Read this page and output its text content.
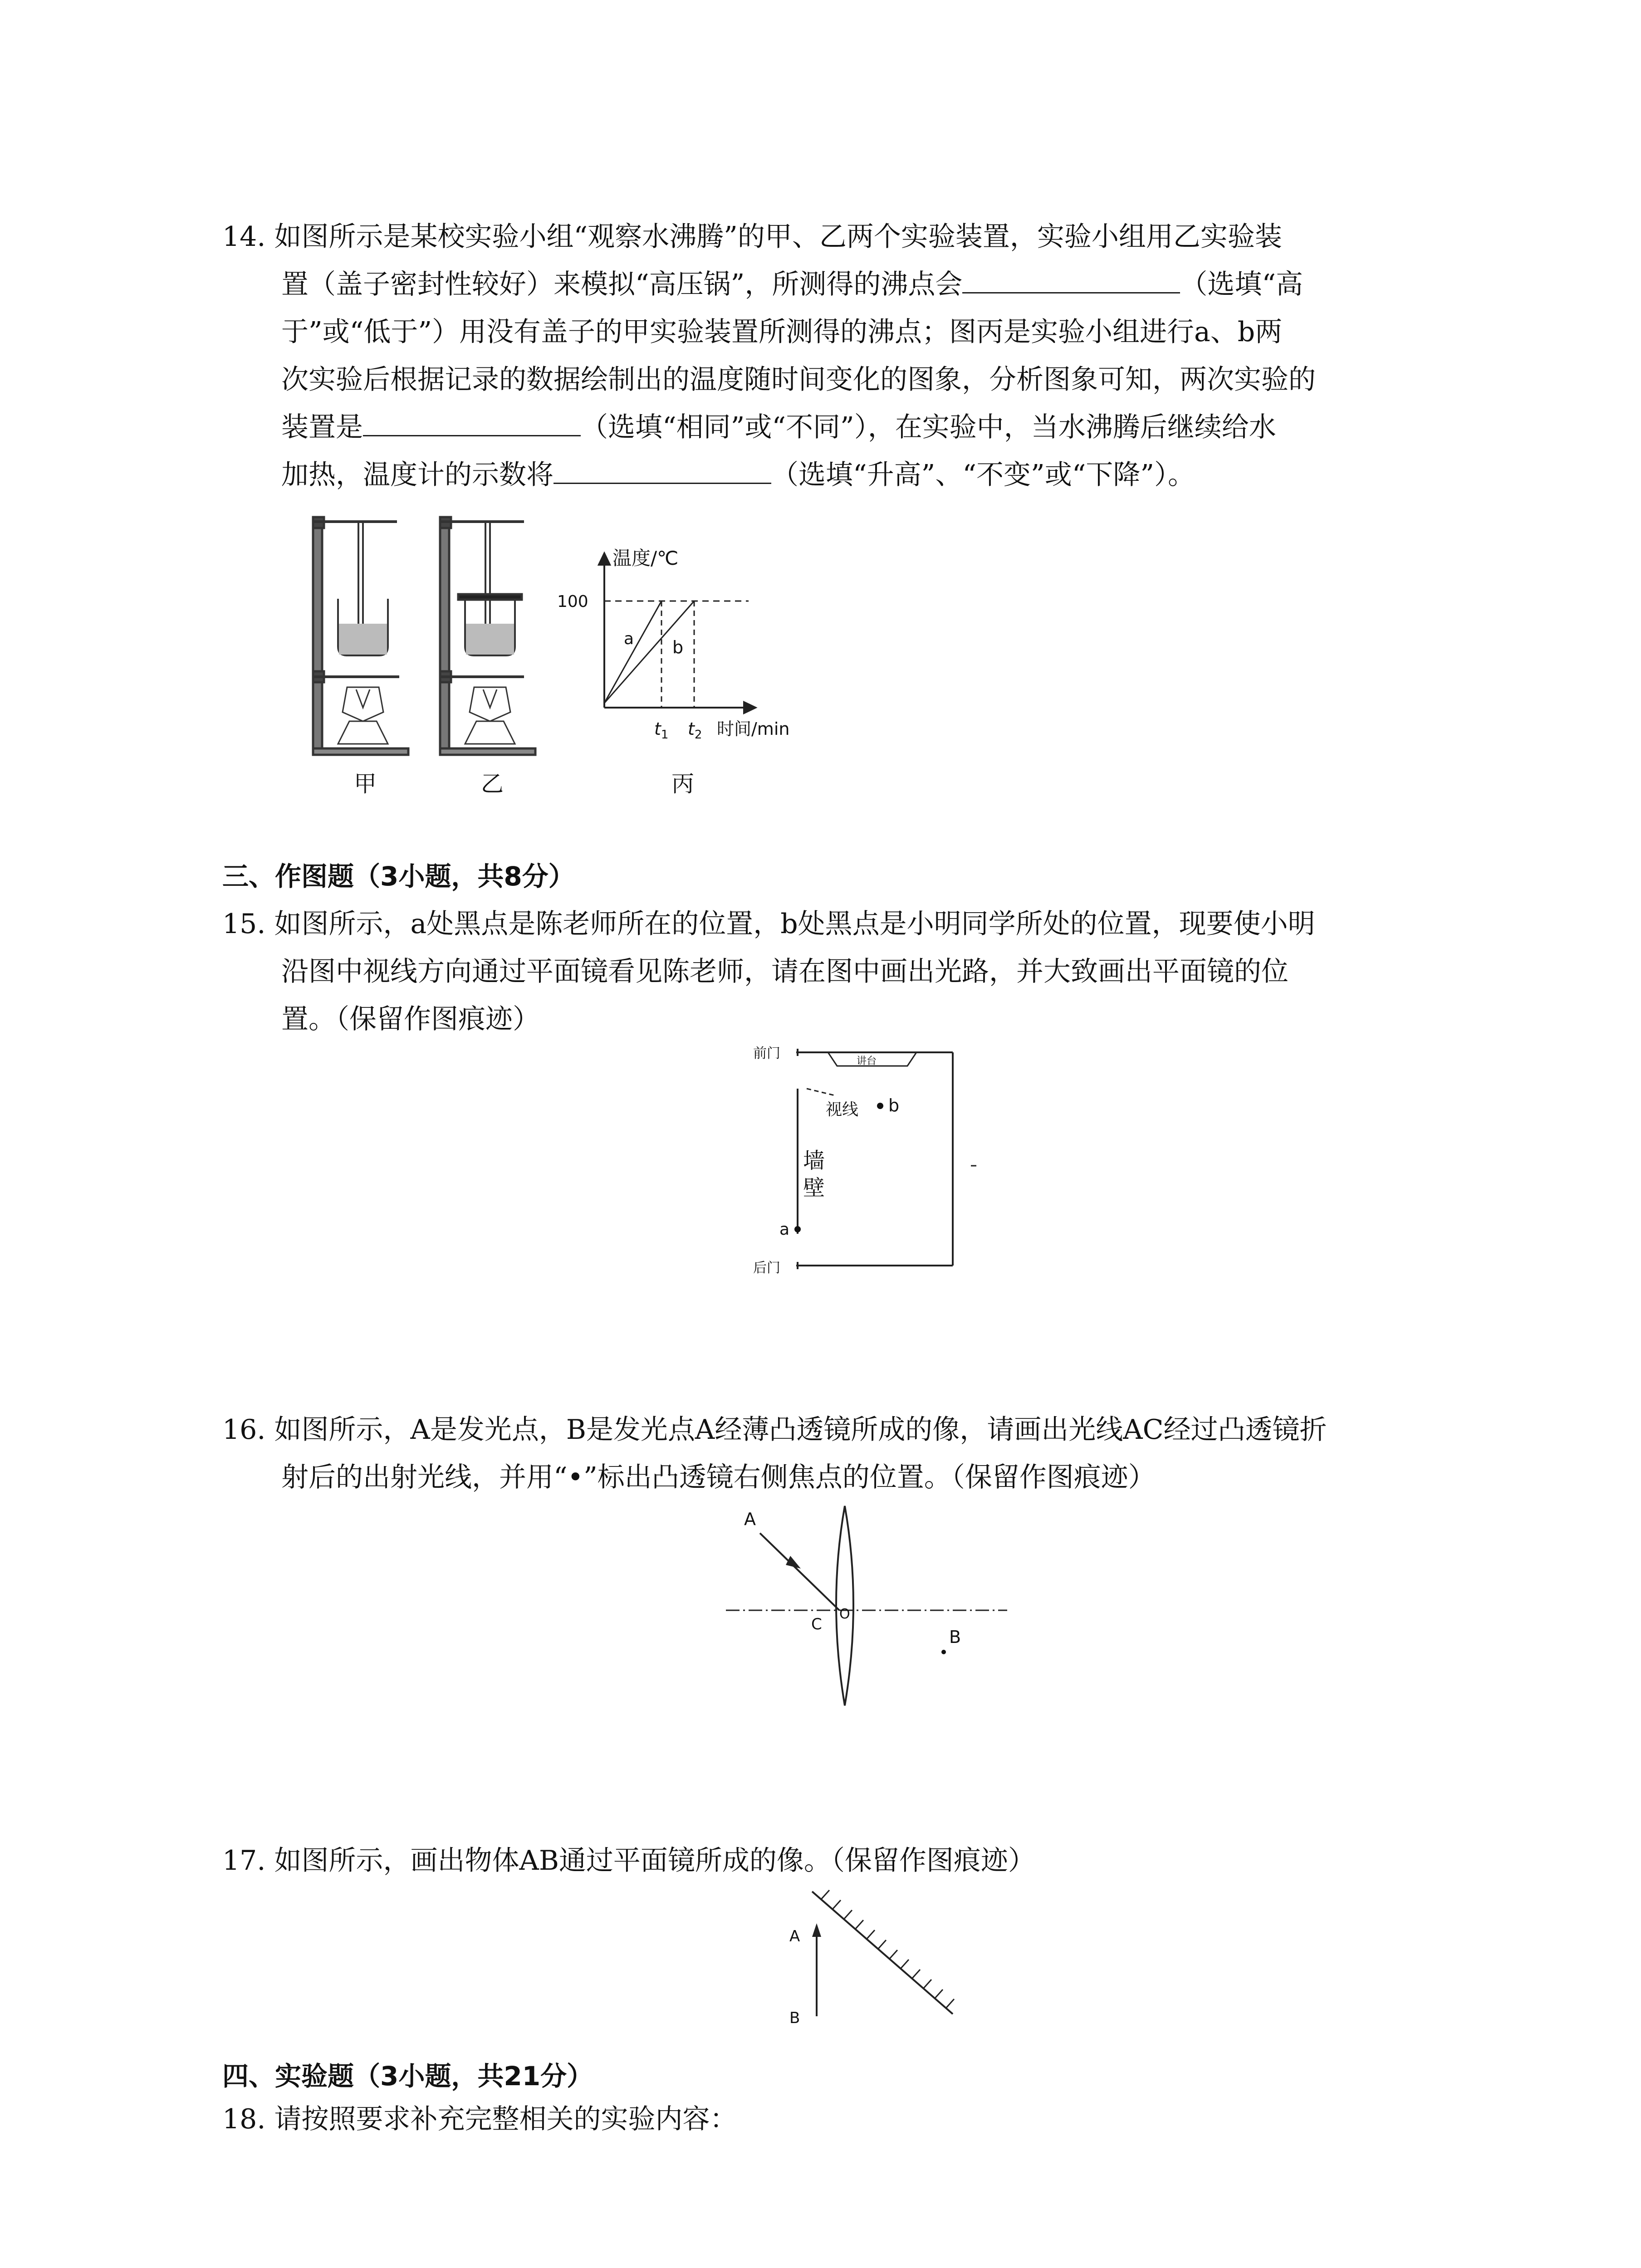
14. 如图所示是某校实验小组“观察水沸腾”的甲、乙两个实验装置，实验小组用乙实验装
置（盖子密封性较好）来模拟“高压锅”，所测得的沸点会	（选填“高
于”或“低于”）用没有盖子的甲实验装置所测得的沸点；图丙是实验小组进行a、b两
次实验后根据记录的数据绘制出的温度随时间变化的图象，分析图象可知，两次实验的
装置是	（选填“相同”或“不同”），在实验中，当水沸腾后继续给水
加热，温度计的示数将	（选填“升高”、“不变”或“下降”）。
温度/℃
100
a b
$t_1$ $t_2$ 时间/min
甲	乙	丙
三、作图题（3小题，共8分）
15. 如图所示，a处黑点是陈老师所在的位置，b处黑点是小明同学所处的位置，现要使小明
沿图中视线方向通过平面镜看见陈老师，请在图中画出光路，并大致画出平面镜的位
置。（保留作图痕迹）
前门	讲台
视线 b
墙
壁
a
后门
16. 如图所示，A是发光点，B是发光点A经薄凸透镜所成的像，请画出光线AC经过凸透镜折
射后的出射光线，并用“•”标出凸透镜右侧焦点的位置。（保留作图痕迹）
A
C
O
B
17. 如图所示，画出物体AB通过平面镜所成的像。（保留作图痕迹）
A
B
四、实验题（3小题，共21分）
18. 请按照要求补充完整相关的实验内容：
